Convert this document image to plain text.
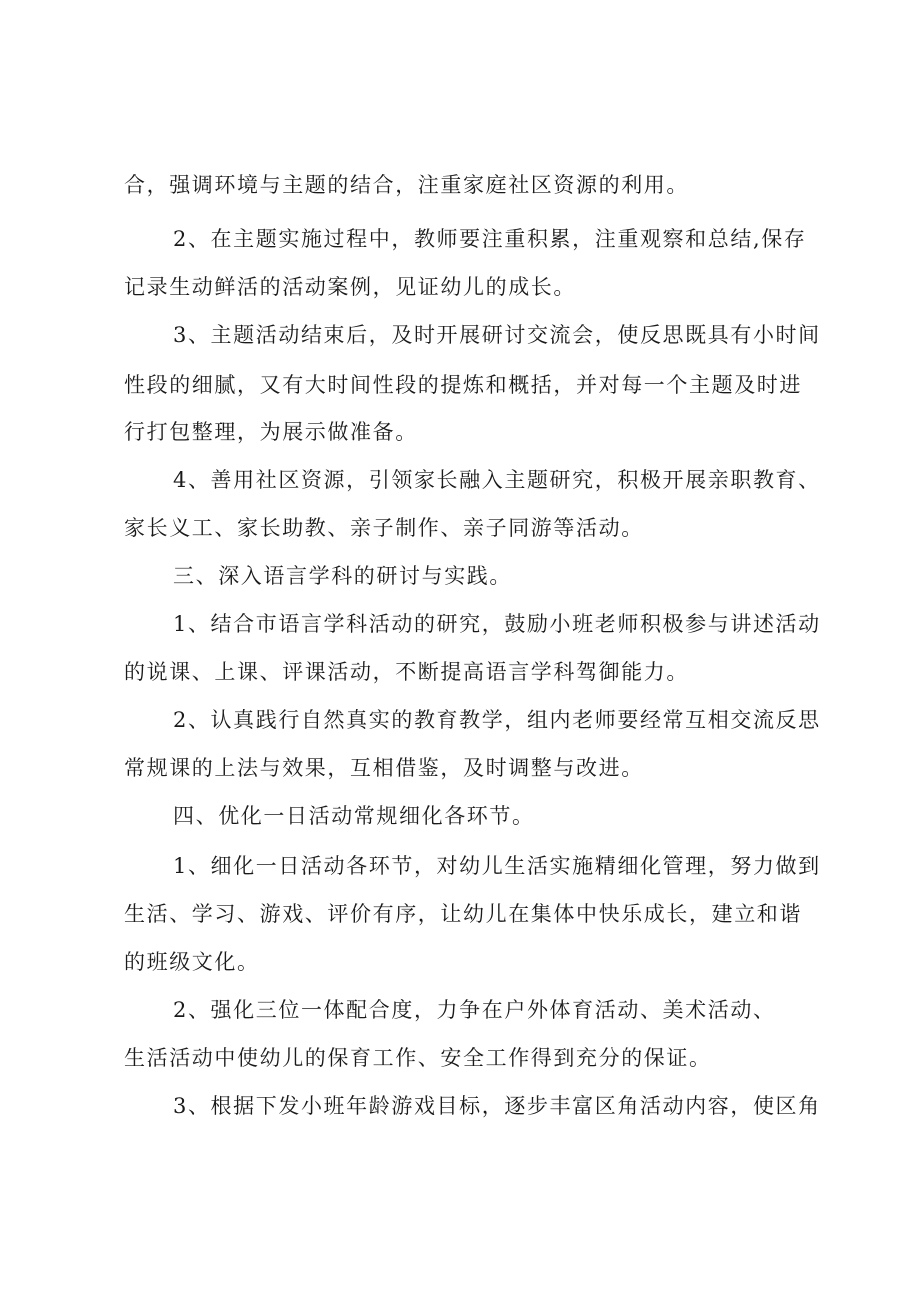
合，强调环境与主题的结合，注重家庭社区资源的利用。
2、在主题实施过程中，教师要注重积累，注重观察和总结,保存
记录生动鲜活的活动案例，见证幼儿的成长。
3、主题活动结束后，及时开展研讨交流会，使反思既具有小时间
性段的细腻，又有大时间性段的提炼和概括，并对每一个主题及时进
行打包整理，为展示做准备。
4、善用社区资源，引领家长融入主题研究，积极开展亲职教育、
家长义工、家长助教、亲子制作、亲子同游等活动。
三、深入语言学科的研讨与实践。
1、结合市语言学科活动的研究，鼓励小班老师积极参与讲述活动
的说课、上课、评课活动，不断提高语言学科驾御能力。
2、认真践行自然真实的教育教学，组内老师要经常互相交流反思
常规课的上法与效果，互相借鉴，及时调整与改进。
四、优化一日活动常规细化各环节。
1、细化一日活动各环节，对幼儿生活实施精细化管理，努力做到
生活、学习、游戏、评价有序，让幼儿在集体中快乐成长，建立和谐
的班级文化。
2、强化三位一体配合度，力争在户外体育活动、美术活动、
生活活动中使幼儿的保育工作、安全工作得到充分的保证。
3、根据下发小班年龄游戏目标，逐步丰富区角活动内容，使区角
